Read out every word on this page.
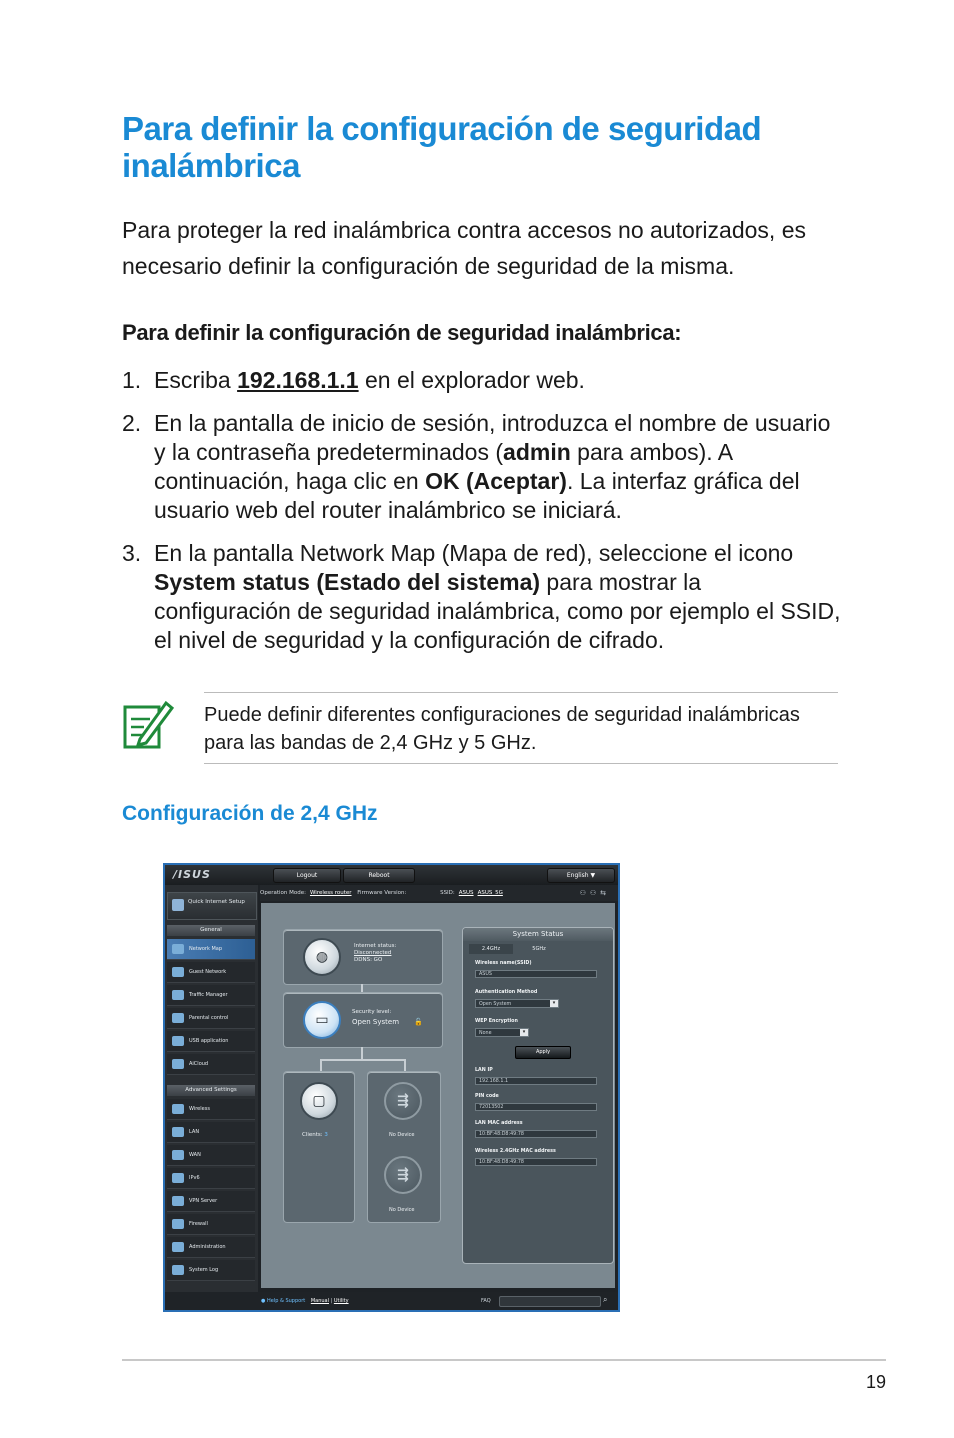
Para definir la configuración de seguridad inalámbrica
Para proteger la red inalámbrica contra accesos no autorizados, es necesario definir la configuración de seguridad de la misma.
Para definir la configuración de seguridad inalámbrica:
1. Escriba 192.168.1.1 en el explorador web.
2. En la pantalla de inicio de sesión, introduzca el nombre de usuario y la contraseña predeterminados (admin para ambos). A continuación, haga clic en OK (Aceptar). La interfaz gráfica del usuario web del router inalámbrico se iniciará.
3. En la pantalla Network Map (Mapa de red), seleccione el icono System status (Estado del sistema) para mostrar la configuración de seguridad inalámbrica, como por ejemplo el SSID, el nivel de seguridad y la configuración de cifrado.
Puede definir diferentes configuraciones de seguridad inalámbricas para las bandas de 2,4 GHz y 5 GHz.
Configuración de 2,4 GHz
/ISUS	Logout	Reboot	English ▼
Operation Mode: Wireless router Firmware Version:	SSID: ASUS ASUS_5G	⚇⚇⇆
Quick Internet Setup
General
Network Map
Guest Network
Traffic Manager
Parental control
USB application
AiCloud
Advanced Settings
Wireless
LAN
WAN
IPv6
VPN Server
Firewall
Administration
System Log
◍
Internet status:
Disconnected
DDNS: GO
▭	Security level:
Open System 🔓
▢
Clients: 3
⇶
No Device
⇶
No Device
System Status
2.4GHz	5GHz
Wireless name(SSID)
ASUS
Authentication Method
Open System	▾
WEP Encryption
None	▾
Apply
LAN IP
192.168.1.1
PIN code
72013502
LAN MAC address
10:BF:48:D8:49:78
Wireless 2.4GHz MAC address
10:BF:48:D8:49:78
● Help & Support Manual | Utility	FAQ	⌕
19
